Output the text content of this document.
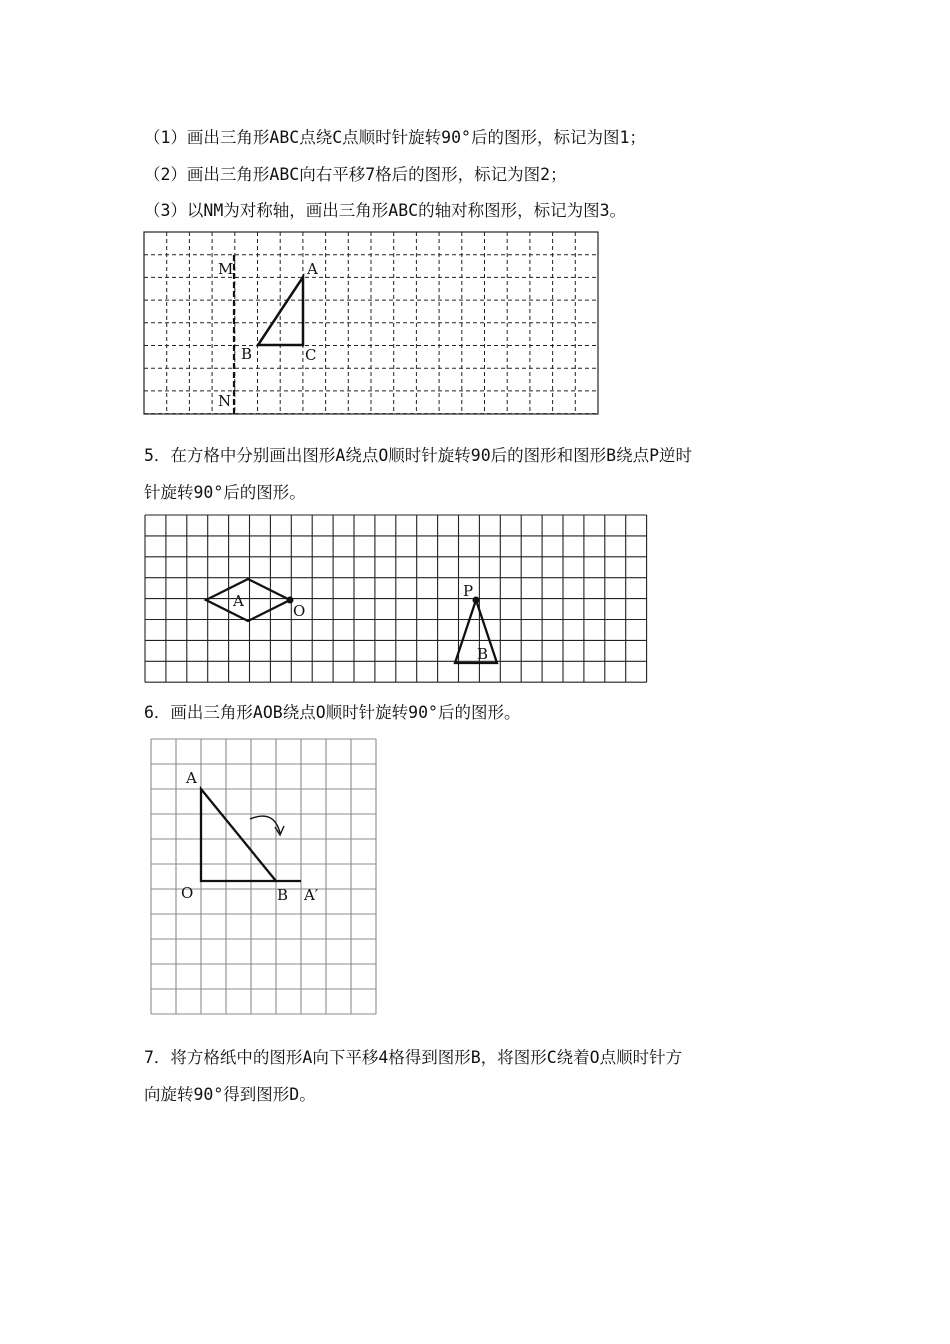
（1）画出三角形ABC点绕C点顺时针旋转90°后的图形，标记为图1；
（2）画出三角形ABC向右平移7格后的图形，标记为图2；
（3）以NM为对称轴，画出三角形ABC的轴对称图形，标记为图3。
M
N
A
B	C
5．在方格中分别画出图形A绕点O顺时针旋转90后的图形和图形B绕点P逆时
针旋转90°后的图形。
A
O
P
B
6．画出三角形AOB绕点O顺时针旋转90°后的图形。
A
O	B A′
7．将方格纸中的图形A向下平移4格得到图形B，将图形C绕着O点顺时针方
向旋转90°得到图形D。
